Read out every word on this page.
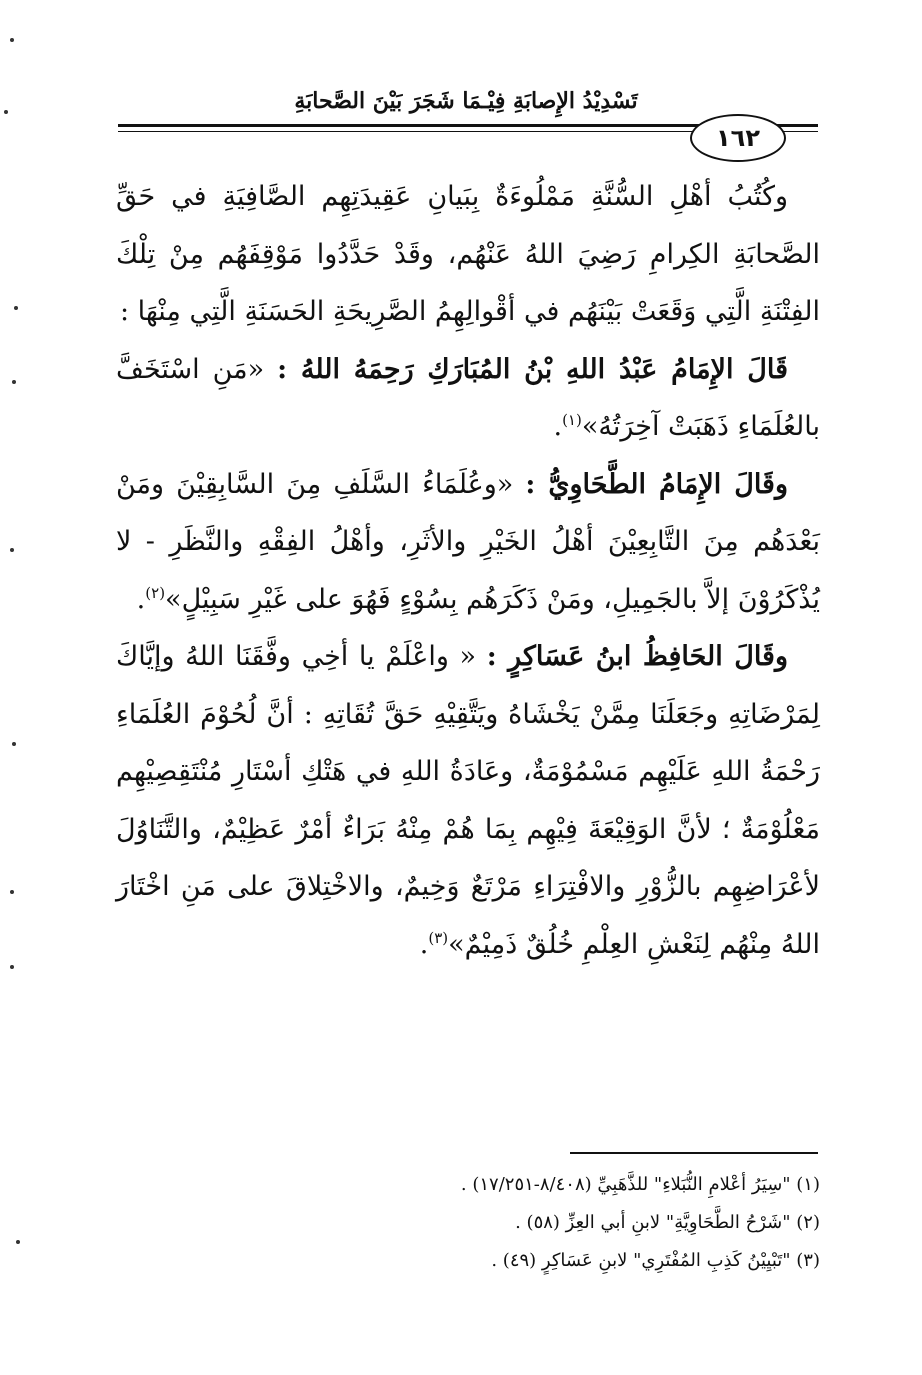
تَسْدِيْدُ الإِصابَةِ فِيْـمَا شَجَرَ بَيْنَ الصَّحابَةِ
١٦٢

وكُتُبُ أهْلِ السُّنَّةِ مَمْلُوءَةٌ بِبَيانِ عَقِيدَتِهِم الصَّافِيَةِ في حَقِّ الصَّحابَةِ الكِرامِ رَضِيَ اللهُ عَنْهُم، وقَدْ حَدَّدُوا مَوْقِفَهُم مِنْ تِلْكَ الفِتْنَةِ الَّتِي وَقَعَتْ بَيْنَهُم في أقْوالِهِمُ الصَّرِيحَةِ الحَسَنَةِ الَّتِي مِنْهَا :

قَالَ الإِمَامُ عَبْدُ اللهِ بْنُ المُبَارَكِ رَحِمَهُ اللهُ : «مَنِ اسْتَخَفَّ بالعُلَمَاءِ ذَهَبَتْ آخِرَتُهُ»$^{(١)}$.

وقَالَ الإِمَامُ الطَّحَاوِيُّ : «وعُلَمَاءُ السَّلَفِ مِنَ السَّابِقِيْنَ ومَنْ بَعْدَهُم مِنَ التَّابِعِيْنَ أهْلُ الخَيْرِ والأثَرِ، وأهْلُ الفِقْهِ والنَّظَرِ - لا يُذْكَرُوْنَ إلاَّ بالجَمِيلِ، ومَنْ ذَكَرَهُم بِسُوْءٍ فَهُوَ على غَيْرِ سَبِيْلٍ»$^{(٢)}$.

وقَالَ الحَافِظُ ابنُ عَسَاكِرٍ : « واعْلَمْ يا أخِي وفَّقَنَا اللهُ وإيَّاكَ لِمَرْضَاتِهِ وجَعَلَنَا مِمَّنْ يَخْشَاهُ ويَتَّقِيْهِ حَقَّ تُقَاتِهِ : أنَّ لُحُوْمَ العُلَمَاءِ رَحْمَةُ اللهِ عَلَيْهِم مَسْمُوْمَةٌ، وعَادَةُ اللهِ في هَتْكِ أسْتَارِ مُنْتَقِصِيْهِم مَعْلُوْمَةٌ ؛ لأنَّ الوَقِيْعَةَ فِيْهِم بِمَا هُمْ مِنْهُ بَرَاءٌ أمْرٌ عَظِيْمٌ، والتَّنَاوُلَ لأعْرَاضِهِم بالزُّوْرِ والافْتِرَاءِ مَرْتَعٌ وَخِيمٌ، والاخْتِلاقَ على مَنِ اخْتَارَ اللهُ مِنْهُم لِنَعْشِ العِلْمِ خُلُقٌ ذَمِيْمٌ»$^{(٣)}$.

(١) "سِيَرُ أعْلامِ النُّبَلاءِ" للذَّهَبِيِّ (٨/٤٠٨-١٧/٢٥١) .

(٢) "شَرْحُ الطَّحَاوِيَّةِ" لابنِ أبي العِزِّ (٥٨) .

(٣) "تَبْيِيْنُ كَذِبِ المُفْتَرِي" لابنِ عَسَاكِرٍ (٤٩) .
